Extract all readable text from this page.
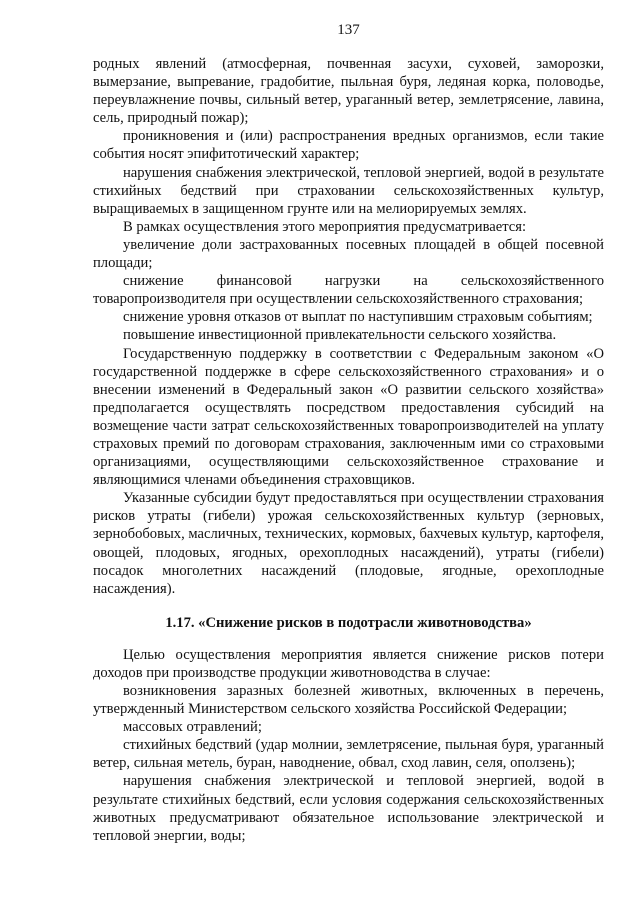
137

родных явлений (атмосферная, почвенная засухи, суховей, заморозки, вымерзание, выпревание, градобитие, пыльная буря, ледяная корка, половодье, переувлажнение почвы, сильный ветер, ураганный ветер, землетрясение, лавина, сель, природный пожар);

проникновения и (или) распространения вредных организмов, если такие события носят эпифитотический характер;

нарушения снабжения электрической, тепловой энергией, водой в результате стихийных бедствий при страховании сельскохозяйственных культур, выращиваемых в защищенном грунте или на мелиорируемых землях.

В рамках осуществления этого мероприятия предусматривается:

увеличение доли застрахованных посевных площадей в общей посевной площади;

снижение финансовой нагрузки на сельскохозяйственного товаропроизводителя при осуществлении сельскохозяйственного страхования;

снижение уровня отказов от выплат по наступившим страховым событиям;

повышение инвестиционной привлекательности сельского хозяйства.

Государственную поддержку в соответствии с Федеральным законом «О государственной поддержке в сфере сельскохозяйственного страхования» и о внесении изменений в Федеральный закон «О развитии сельского хозяйства» предполагается осуществлять посредством предоставления субсидий на возмещение части затрат сельскохозяйственных товаропроизводителей на уплату страховых премий по договорам страхования, заключенным ими со страховыми организациями, осуществляющими сельскохозяйственное страхование и являющимися членами объединения страховщиков.

Указанные субсидии будут предоставляться при осуществлении страхования рисков утраты (гибели) урожая сельскохозяйственных культур (зерновых, зернобобовых, масличных, технических, кормовых, бахчевых культур, картофеля, овощей, плодовых, ягодных, орехоплодных насаждений), утраты (гибели) посадок многолетних насаждений (плодовые, ягодные, орехоплодные насаждения).

1.17. «Снижение рисков в подотрасли животноводства»

Целью осуществления мероприятия является снижение рисков потери доходов при производстве продукции животноводства в случае:

возникновения заразных болезней животных, включенных в перечень, утвержденный Министерством сельского хозяйства Российской Федерации;

массовых отравлений;

стихийных бедствий (удар молнии, землетрясение, пыльная буря, ураганный ветер, сильная метель, буран, наводнение, обвал, сход лавин, селя, оползень);

нарушения снабжения электрической и тепловой энергией, водой в результате стихийных бедствий, если условия содержания сельскохозяйственных животных предусматривают обязательное использование электрической и тепловой энергии, воды;
